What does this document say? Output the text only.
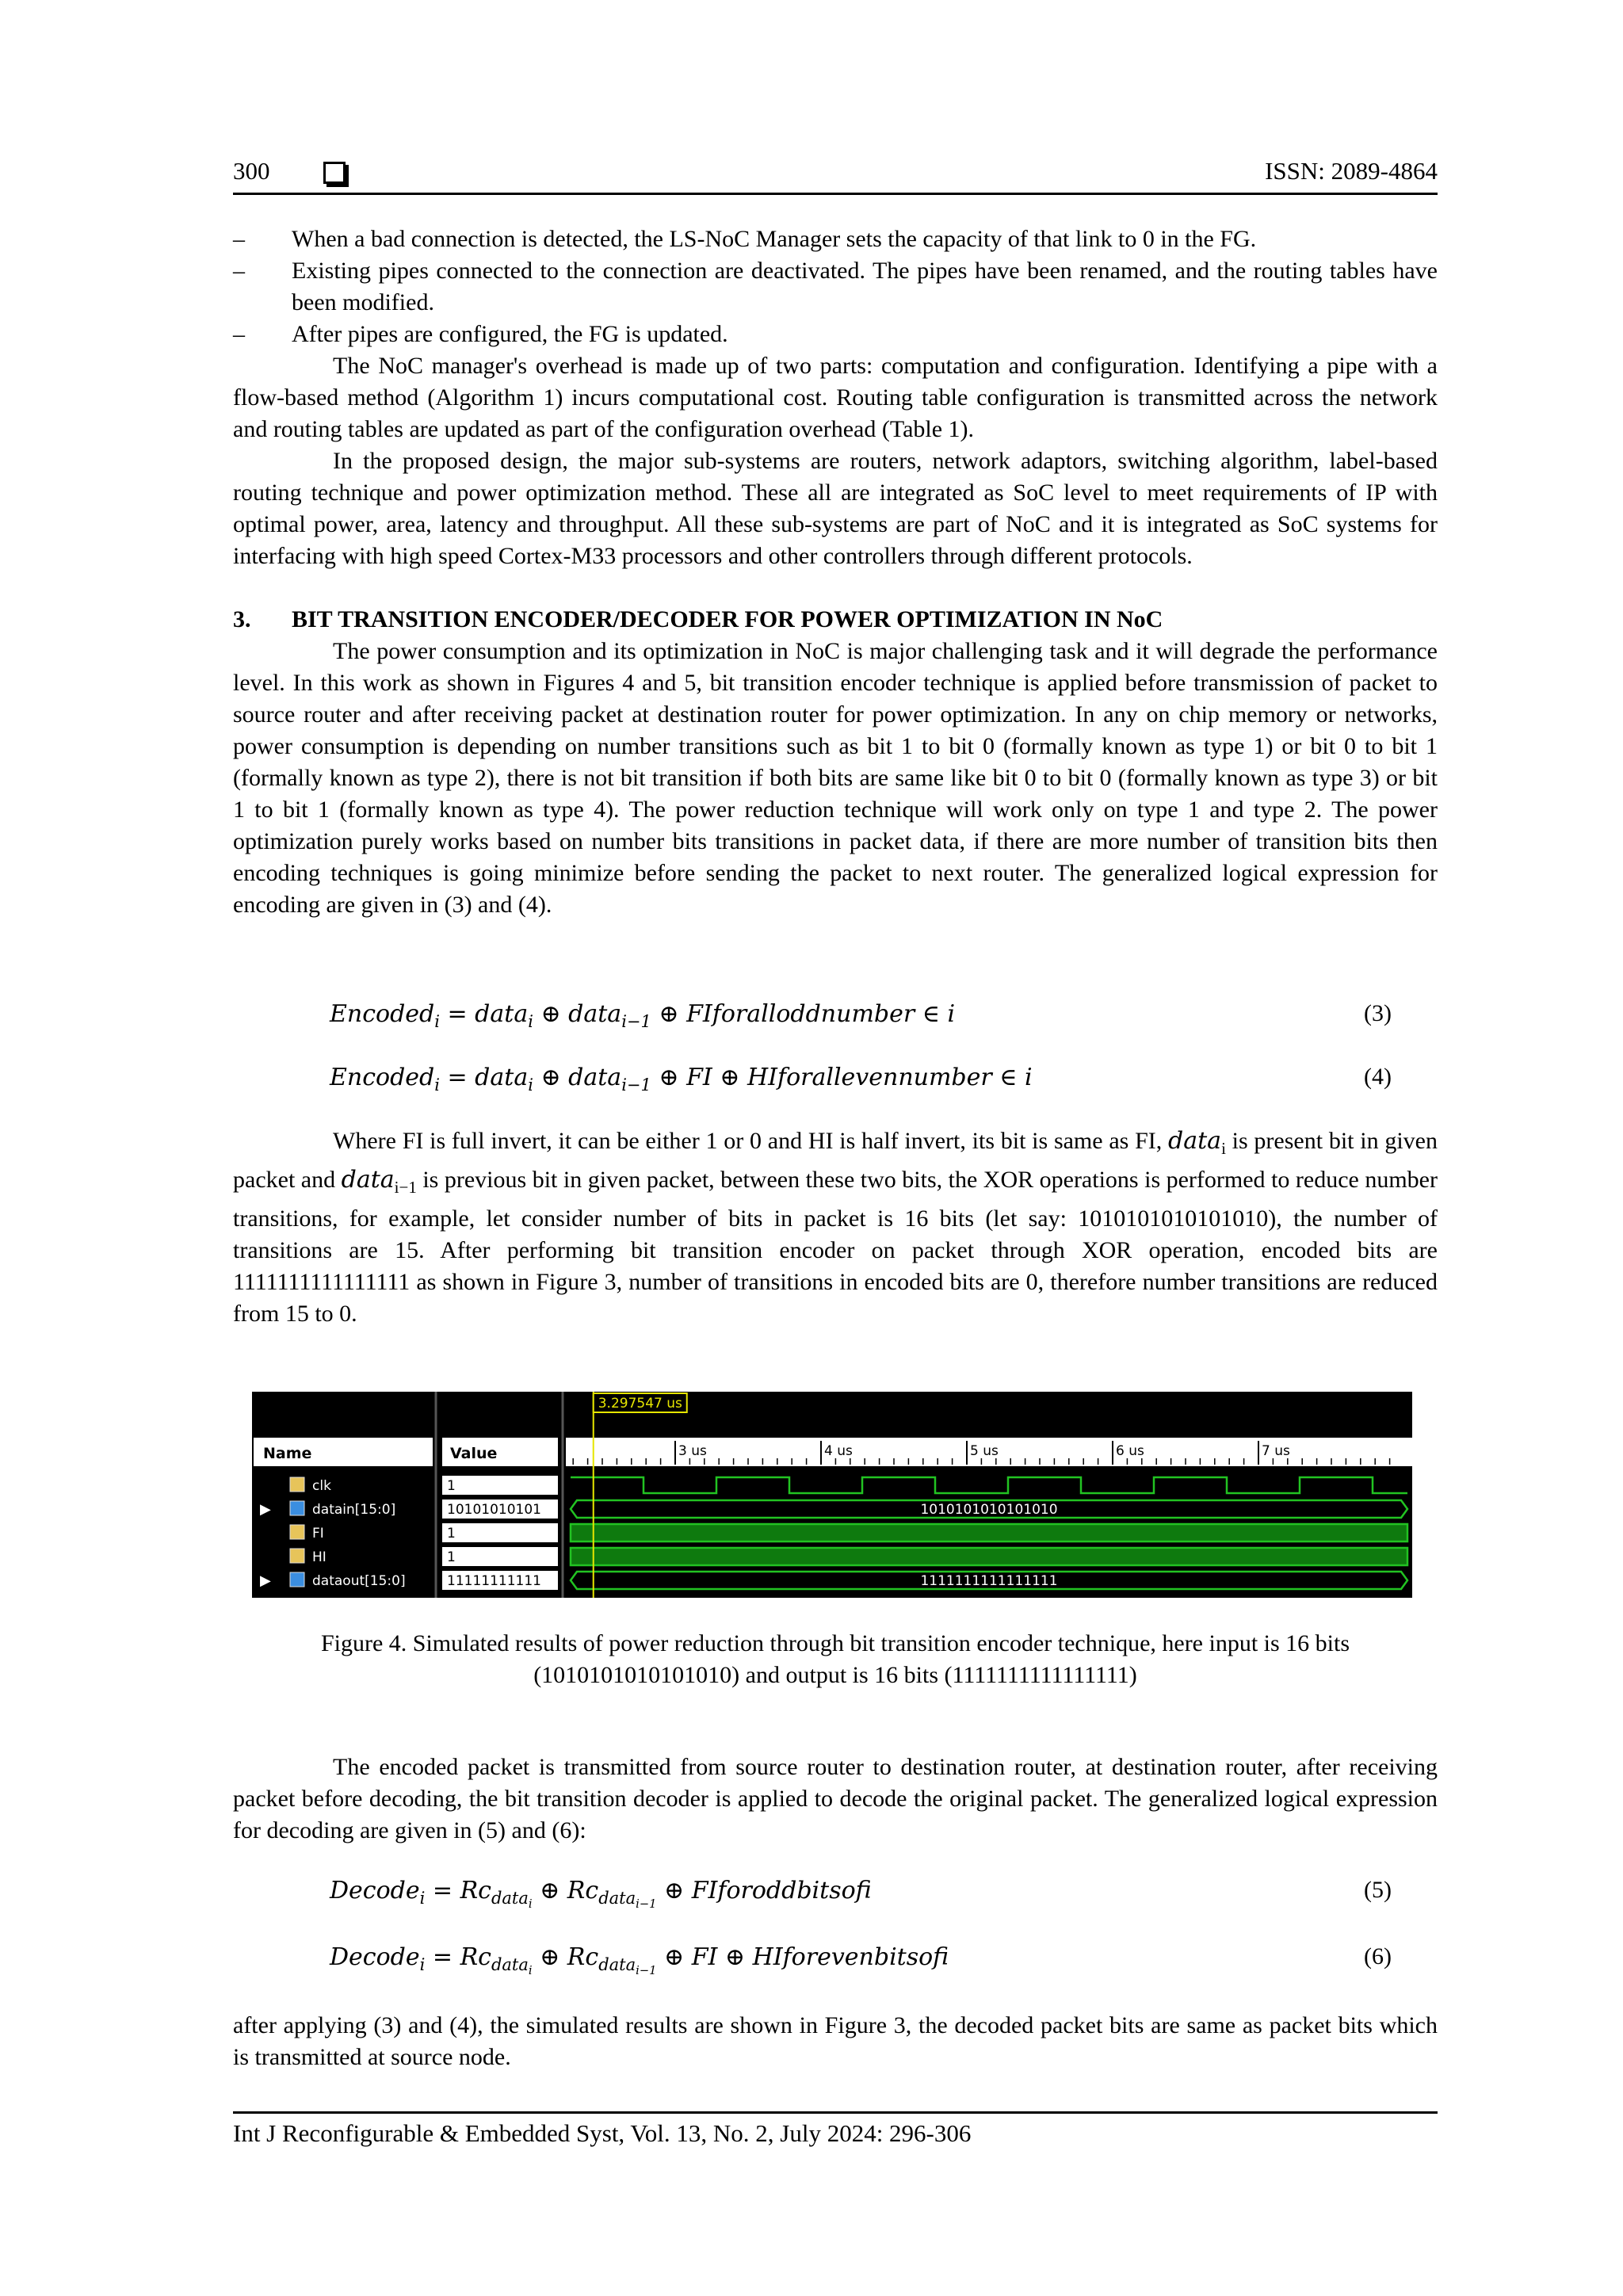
300	ISSN: 2089-4864
– When a bad connection is detected, the LS-NoC Manager sets the capacity of that link to 0 in the FG.
– Existing pipes connected to the connection are deactivated. The pipes have been renamed, and the routing tables have been modified.
– After pipes are configured, the FG is updated.
The NoC manager's overhead is made up of two parts: computation and configuration. Identifying a pipe with a flow-based method (Algorithm 1) incurs computational cost. Routing table configuration is transmitted across the network and routing tables are updated as part of the configuration overhead (Table 1).
In the proposed design, the major sub-systems are routers, network adaptors, switching algorithm, label-based routing technique and power optimization method. These all are integrated as SoC level to meet requirements of IP with optimal power, area, latency and throughput. All these sub-systems are part of NoC and it is integrated as SoC systems for interfacing with high speed Cortex-M33 processors and other controllers through different protocols.
3. BIT TRANSITION ENCODER/DECODER FOR POWER OPTIMIZATION IN NoC
The power consumption and its optimization in NoC is major challenging task and it will degrade the performance level. In this work as shown in Figures 4 and 5, bit transition encoder technique is applied before transmission of packet to source router and after receiving packet at destination router for power optimization. In any on chip memory or networks, power consumption is depending on number transitions such as bit 1 to bit 0 (formally known as type 1) or bit 0 to bit 1 (formally known as type 2), there is not bit transition if both bits are same like bit 0 to bit 0 (formally known as type 3) or bit 1 to bit 1 (formally known as type 4). The power reduction technique will work only on type 1 and type 2. The power optimization purely works based on number bits transitions in packet data, if there are more number of transition bits then encoding techniques is going minimize before sending the packet to next router. The generalized logical expression for encoding are given in (3) and (4).
Encoded$_i$ = data$_i$ ⊕ data$_{i-1}$ ⊕ FIforalloddnumber ∈ i	(3)
Encoded$_i$ = data$_i$ ⊕ data$_{i-1}$ ⊕ FI ⊕ HIforallevennumber ∈ i	(4)
Where FI is full invert, it can be either 1 or 0 and HI is half invert, its bit is same as FI, data$_i$ is present bit in given packet and data$_{i-1}$ is previous bit in given packet, between these two bits, the XOR operations is performed to reduce number transitions, for example, let consider number of bits in packet is 16 bits (let say: 1010101010101010), the number of transitions are 15. After performing bit transition encoder on packet through XOR operation, encoded bits are 1111111111111111 as shown in Figure 3, number of transitions in encoded bits are 0, therefore number transitions are reduced from 15 to 0.
Name	Value	3 us	4 us	5 us	6 us	7 us
clk	1
▶	datain[15:0]	10101010101	1010101010101010
FI	1
HI	1
▶	dataout[15:0]	11111111111	1111111111111111
3.297547 us
Figure 4. Simulated results of power reduction through bit transition encoder technique, here input is 16 bits (1010101010101010) and output is 16 bits (1111111111111111)
The encoded packet is transmitted from source router to destination router, at destination router, after receiving packet before decoding, the bit transition decoder is applied to decode the original packet. The generalized logical expression for decoding are given in (5) and (6):
Decode$_i$ = $Rc_{data_i}$ ⊕ $Rc_{data_{i-1}}$ ⊕ FIforoddbitsofi	(5)
Decode$_i$ = $Rc_{data_i}$ ⊕ $Rc_{data_{i-1}}$ ⊕ FI ⊕ HIforevenbitsofi	(6)
after applying (3) and (4), the simulated results are shown in Figure 3, the decoded packet bits are same as packet bits which is transmitted at source node.
Int J Reconfigurable & Embedded Syst, Vol. 13, No. 2, July 2024: 296-306
